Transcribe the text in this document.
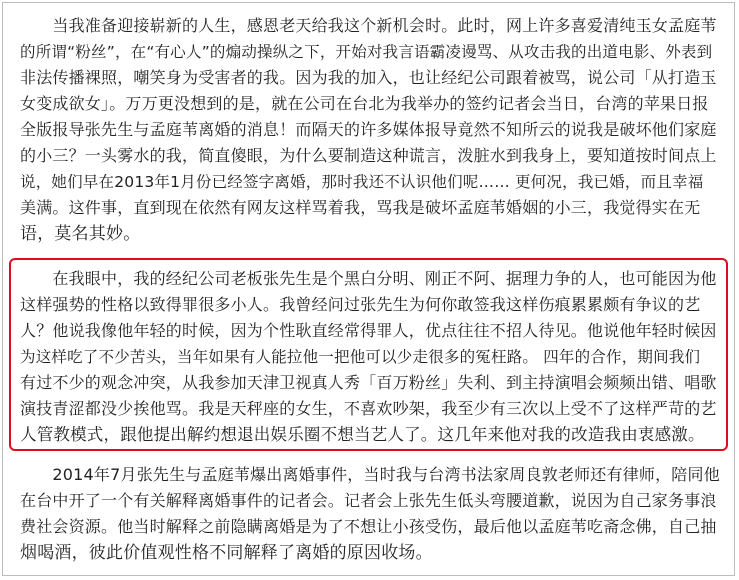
　　当我准备迎接崭新的人生，感恩老天给我这个新机会时。此时，网上许多喜爱清纯玉女孟庭苇
的所谓“粉丝”，在“有心人”的煽动操纵之下，开始对我言语霸凌谩骂、从攻击我的出道电影、外表到
非法传播裸照，嘲笑身为受害者的我。因为我的加入，也让经纪公司跟着被骂，说公司「从打造玉
女变成欲女」。万万更没想到的是，就在公司在台北为我举办的签约记者会当日，台湾的苹果日报
全版报导张先生与孟庭苇离婚的消息！而隔天的许多媒体报导竟然不知所云的说我是破坏他们家庭
的小三？一头雾水的我，简直傻眼，为什么要制造这种谎言，泼脏水到我身上，要知道按时间点上
说，她们早在2013年1月份已经签字离婚，那时我还不认识他们呢…… 更何况，我已婚，而且幸福
美满。这件事，直到现在依然有网友这样骂着我，骂我是破坏孟庭苇婚姻的小三，我觉得实在无
语，莫名其妙。
　　在我眼中，我的经纪公司老板张先生是个黑白分明、刚正不阿、据理力争的人，也可能因为他
这样强势的性格以致得罪很多小人。我曾经问过张先生为何你敢签我这样伤痕累累颇有争议的艺
人？他说我像他年轻的时候，因为个性耿直经常得罪人，优点往往不招人待见。他说他年轻时候因
为这样吃了不少苦头，当年如果有人能拉他一把他可以少走很多的冤枉路。 四年的合作，期间我们
有过不少的观念冲突，从我参加天津卫视真人秀「百万粉丝」失利、到主持演唱会频频出错、唱歌
演技青涩都没少挨他骂。我是天秤座的女生，不喜欢吵架，我至少有三次以上受不了这样严苛的艺
人管教模式，跟他提出解约想退出娱乐圈不想当艺人了。这几年来他对我的改造我由衷感激。
　　2014年7月张先生与孟庭苇爆出离婚事件，当时我与台湾书法家周良敦老师还有律师，陪同他
在台中开了一个有关解释离婚事件的记者会。记者会上张先生低头弯腰道歉，说因为自己家务事浪
费社会资源。他当时解释之前隐瞒离婚是为了不想让小孩受伤，最后他以孟庭苇吃斋念佛，自己抽
烟喝酒，彼此价值观性格不同解释了离婚的原因收场。
